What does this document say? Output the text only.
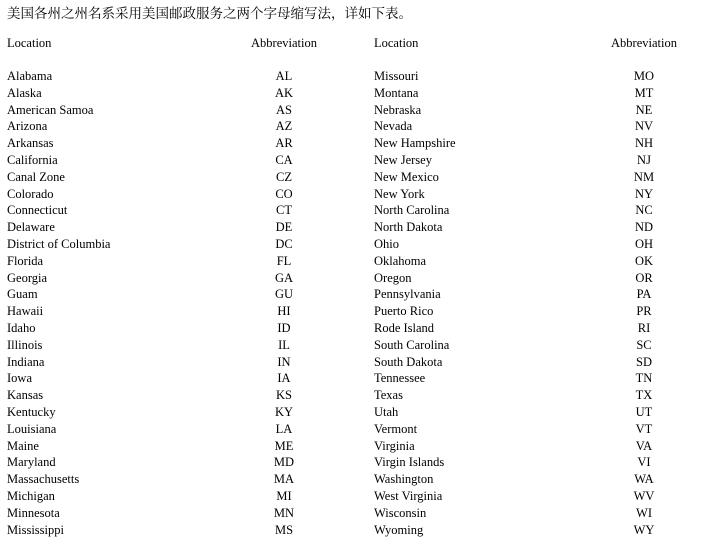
美国各州之州名系采用美国邮政服务之两个字母缩写法，详如下表。
Location
Alabama
Alaska
American Samoa
Arizona
Arkansas
California
Canal Zone
Colorado
Connecticut
Delaware
District of Columbia
Florida
Georgia
Guam
Hawaii
Idaho
Illinois
Indiana
Iowa
Kansas
Kentucky
Louisiana
Maine
Maryland
Massachusetts
Michigan
Minnesota
Mississippi
Abbreviation
AL
AK
AS
AZ
AR
CA
CZ
CO
CT
DE
DC
FL
GA
GU
HI
ID
IL
IN
IA
KS
KY
LA
ME
MD
MA
MI
MN
MS
Location
Missouri
Montana
Nebraska
Nevada
New Hampshire
New Jersey
New Mexico
New York
North Carolina
North Dakota
Ohio
Oklahoma
Oregon
Pennsylvania
Puerto Rico
Rode Island
South Carolina
South Dakota
Tennessee
Texas
Utah
Vermont
Virginia
Virgin Islands
Washington
West Virginia
Wisconsin
Wyoming
Abbreviation
MO
MT
NE
NV
NH
NJ
NM
NY
NC
ND
OH
OK
OR
PA
PR
RI
SC
SD
TN
TX
UT
VT
VA
VI
WA
WV
WI
WY
